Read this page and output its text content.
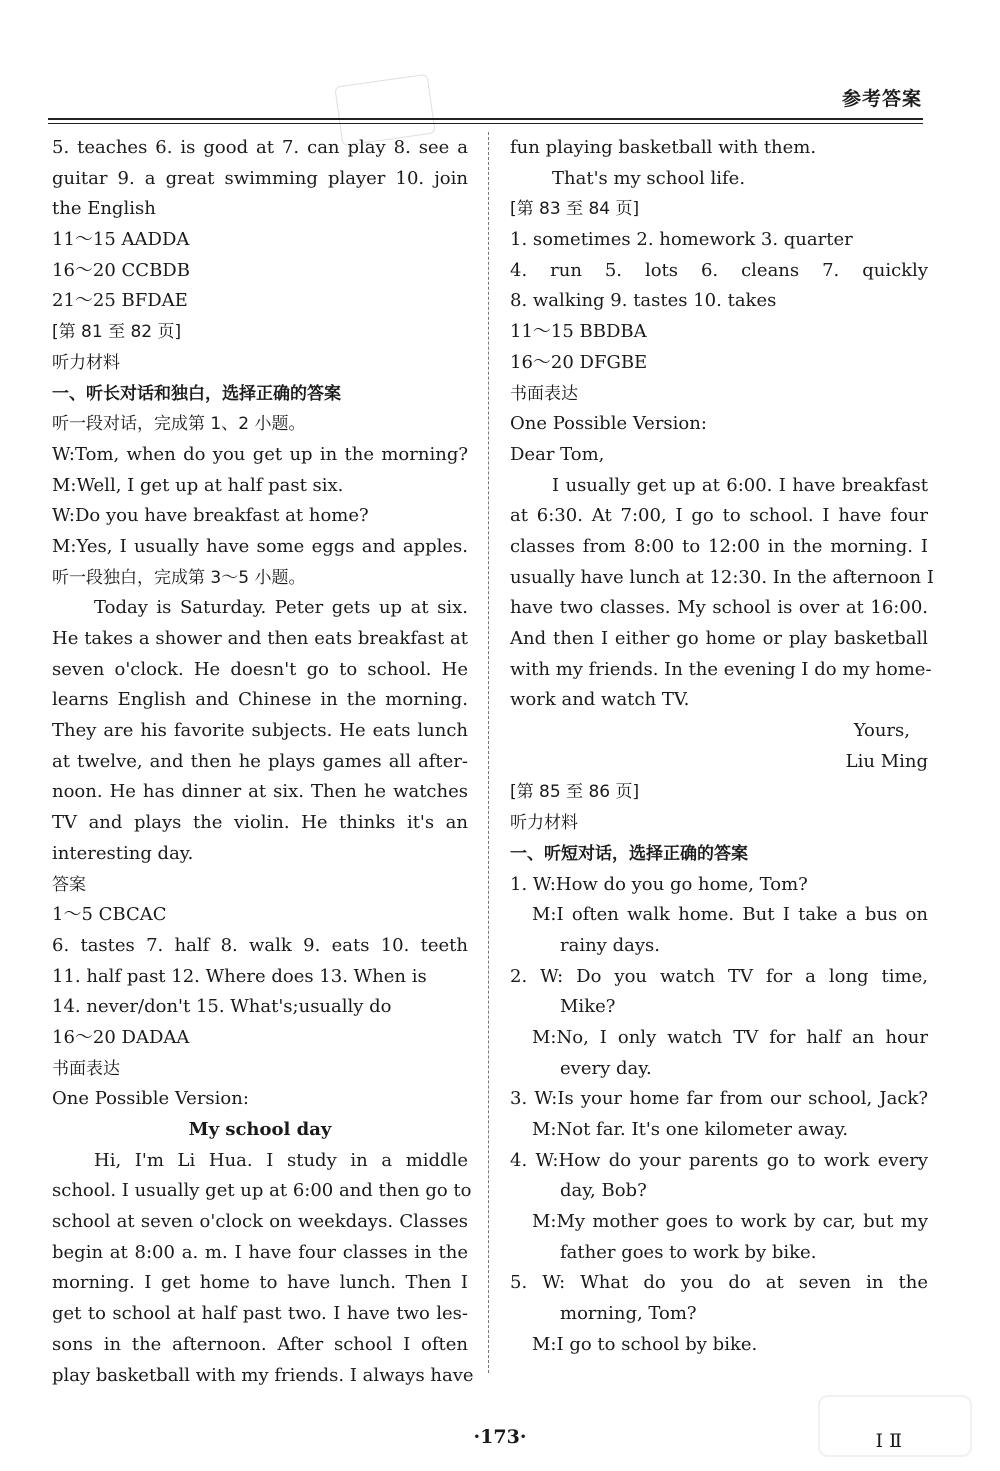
参考答案
5. teaches 6. is good at 7. can play 8. see a
guitar 9. a great swimming player 10. join
the English
11～15 AADDA
16～20 CCBDB
21～25 BFDAE
[第 81 至 82 页]
听力材料
一、听长对话和独白，选择正确的答案
听一段对话，完成第 1、2 小题。
W:Tom, when do you get up in the morning?
M:Well, I get up at half past six.
W:Do you have breakfast at home?
M:Yes, I usually have some eggs and apples.
听一段独白，完成第 3～5 小题。
Today is Saturday. Peter gets up at six.
He takes a shower and then eats breakfast at
seven o'clock. He doesn't go to school. He
learns English and Chinese in the morning.
They are his favorite subjects. He eats lunch
at twelve, and then he plays games all after-
noon. He has dinner at six. Then he watches
TV and plays the violin. He thinks it's an
interesting day.
答案
1～5 CBCAC
6. tastes 7. half 8. walk 9. eats 10. teeth
11. half past 12. Where does 13. When is
14. never/don't 15. What's;usually do
16～20 DADAA
书面表达
One Possible Version:
My school day
Hi, I'm Li Hua. I study in a middle
school. I usually get up at 6:00 and then go to
school at seven o'clock on weekdays. Classes
begin at 8:00 a. m. I have four classes in the
morning. I get home to have lunch. Then I
get to school at half past two. I have two les-
sons in the afternoon. After school I often
play basketball with my friends. I always have
fun playing basketball with them.
That's my school life.
[第 83 至 84 页]
1. sometimes 2. homework 3. quarter
4. run 5. lots 6. cleans 7. quickly
8. walking 9. tastes 10. takes
11～15 BBDBA
16～20 DFGBE
书面表达
One Possible Version:
Dear Tom,
I usually get up at 6:00. I have breakfast
at 6:30. At 7:00, I go to school. I have four
classes from 8:00 to 12:00 in the morning. I
usually have lunch at 12:30. In the afternoon I
have two classes. My school is over at 16:00.
And then I either go home or play basketball
with my friends. In the evening I do my home-
work and watch TV.
Yours,
Liu Ming
[第 85 至 86 页]
听力材料
一、听短对话，选择正确的答案
1. W:How do you go home, Tom?
M:I often walk home. But I take a bus on
rainy days.
2. W: Do you watch TV for a long time,
Mike?
M:No, I only watch TV for half an hour
every day.
3. W:Is your home far from our school, Jack?
M:Not far. It's one kilometer away.
4. W:How do your parents go to work every
day, Bob?
M:My mother goes to work by car, but my
father goes to work by bike.
5. W: What do you do at seven in the
morning, Tom?
M:I go to school by bike.
·173·	I Ⅱ
